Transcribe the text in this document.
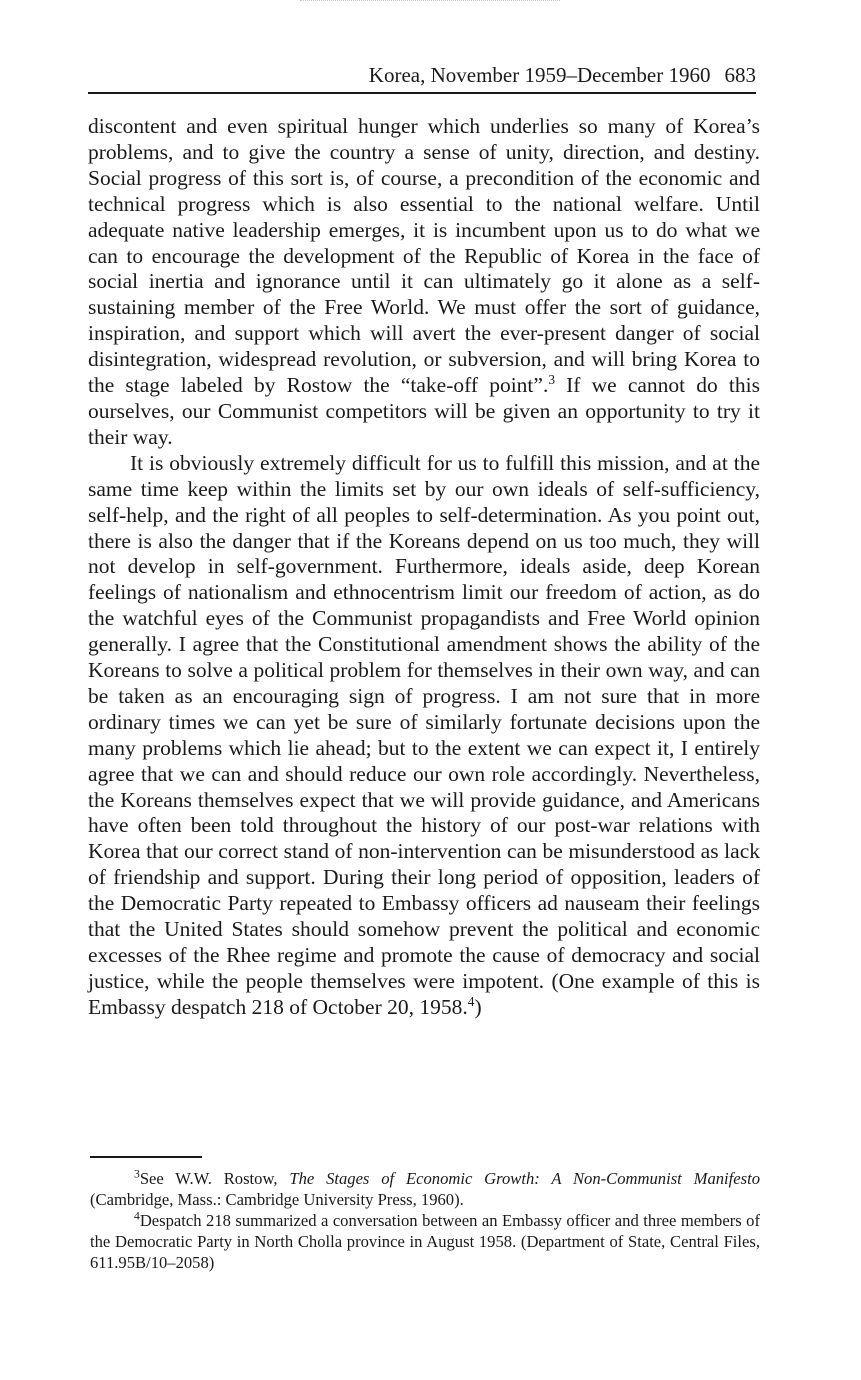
Korea, November 1959–December 1960 683

discontent and even spiritual hunger which underlies so many of Korea’s problems, and to give the country a sense of unity, direction, and destiny. Social progress of this sort is, of course, a precondition of the economic and technical progress which is also essential to the national welfare. Until adequate native leadership emerges, it is incumbent upon us to do what we can to encourage the development of the Republic of Korea in the face of social inertia and ignorance until it can ultimately go it alone as a self-sustaining member of the Free World. We must offer the sort of guidance, inspiration, and support which will avert the ever-present danger of social disintegration, widespread revolution, or subversion, and will bring Korea to the stage labeled by Rostow the “take-off point”.$^3$ If we cannot do this ourselves, our Communist competitors will be given an opportunity to try it their way.

It is obviously extremely difficult for us to fulfill this mission, and at the same time keep within the limits set by our own ideals of self-sufficiency, self-help, and the right of all peoples to self-determination. As you point out, there is also the danger that if the Koreans depend on us too much, they will not develop in self-government. Furthermore, ideals aside, deep Korean feelings of nationalism and ethnocentrism limit our freedom of action, as do the watchful eyes of the Communist propagandists and Free World opinion generally. I agree that the Constitutional amendment shows the ability of the Koreans to solve a political problem for themselves in their own way, and can be taken as an encouraging sign of progress. I am not sure that in more ordinary times we can yet be sure of similarly fortunate decisions upon the many problems which lie ahead; but to the extent we can expect it, I entirely agree that we can and should reduce our own role accordingly. Nevertheless, the Koreans themselves expect that we will provide guidance, and Americans have often been told throughout the history of our post-war relations with Korea that our correct stand of non-intervention can be misunderstood as lack of friendship and support. During their long period of opposition, leaders of the Democratic Party repeated to Embassy officers ad nauseam their feelings that the United States should somehow prevent the political and economic excesses of the Rhee regime and promote the cause of democracy and social justice, while the people themselves were impotent. (One example of this is Embassy despatch 218 of October 20, 1958.$^4$)

$^3$See W.W. Rostow, The Stages of Economic Growth: A Non-Communist Manifesto (Cambridge, Mass.: Cambridge University Press, 1960).

$^4$Despatch 218 summarized a conversation between an Embassy officer and three members of the Democratic Party in North Cholla province in August 1958. (Department of State, Central Files, 611.95B/10–2058)
